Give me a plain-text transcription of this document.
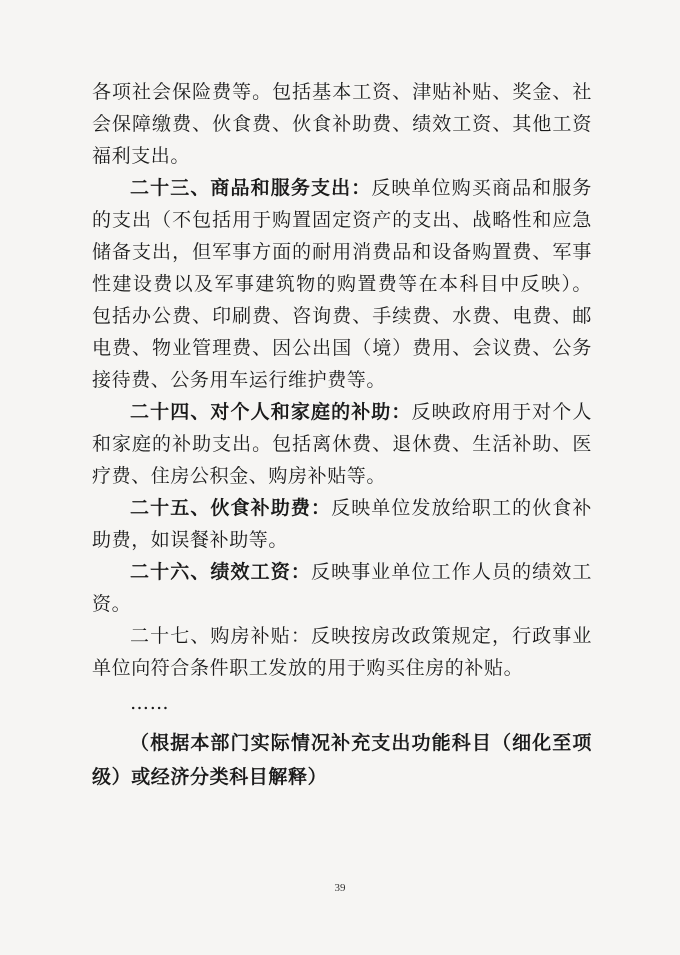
各项社会保险费等。包括基本工资、津贴补贴、奖金、社会保障缴费、伙食费、伙食补助费、绩效工资、其他工资福利支出。

二十三、商品和服务支出：反映单位购买商品和服务的支出（不包括用于购置固定资产的支出、战略性和应急储备支出，但军事方面的耐用消费品和设备购置费、军事性建设费以及军事建筑物的购置费等在本科目中反映）。包括办公费、印刷费、咨询费、手续费、水费、电费、邮电费、物业管理费、因公出国（境）费用、会议费、公务接待费、公务用车运行维护费等。

二十四、对个人和家庭的补助：反映政府用于对个人和家庭的补助支出。包括离休费、退休费、生活补助、医疗费、住房公积金、购房补贴等。

二十五、伙食补助费：反映单位发放给职工的伙食补助费，如误餐补助等。

二十六、绩效工资：反映事业单位工作人员的绩效工资。

二十七、购房补贴：反映按房改政策规定，行政事业单位向符合条件职工发放的用于购买住房的补贴。

……

（根据本部门实际情况补充支出功能科目（细化至项级）或经济分类科目解释）

39
